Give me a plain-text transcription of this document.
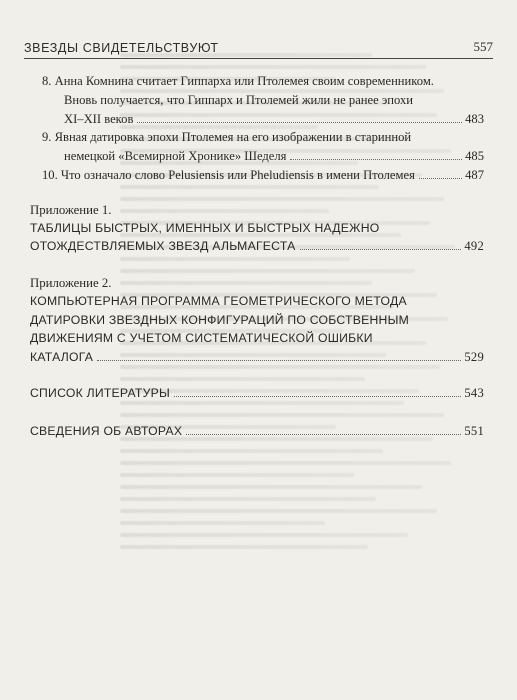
ЗВЕЗДЫ СВИДЕТЕЛЬСТВУЮТ	557
8. Анна Комнина считает Гиппарха или Птолемея своим современником.
Вновь получается, что Гиппарх и Птолемей жили не ранее эпохи
XI–XII веков	483
9. Явная датировка эпохи Птолемея на его изображении в старинной
немецкой «Всемирной Хронике» Шеделя	485
10. Что означало слово Pelusiensis или Pheludiensis в имени Птолемея	487
Приложение 1.
ТАБЛИЦЫ БЫСТРЫХ, ИМЕННЫХ И БЫСТРЫХ НАДЕЖНО
ОТОЖДЕСТВЛЯЕМЫХ ЗВЕЗД АЛЬМАГЕСТА	492
Приложение 2.
КОМПЬЮТЕРНАЯ ПРОГРАММА ГЕОМЕТРИЧЕСКОГО МЕТОДА
ДАТИРОВКИ ЗВЕЗДНЫХ КОНФИГУРАЦИЙ ПО СОБСТВЕННЫМ
ДВИЖЕНИЯМ С УЧЕТОМ СИСТЕМАТИЧЕСКОЙ ОШИБКИ
КАТАЛОГА	529
СПИСОК ЛИТЕРАТУРЫ	543
СВЕДЕНИЯ ОБ АВТОРАХ	551
